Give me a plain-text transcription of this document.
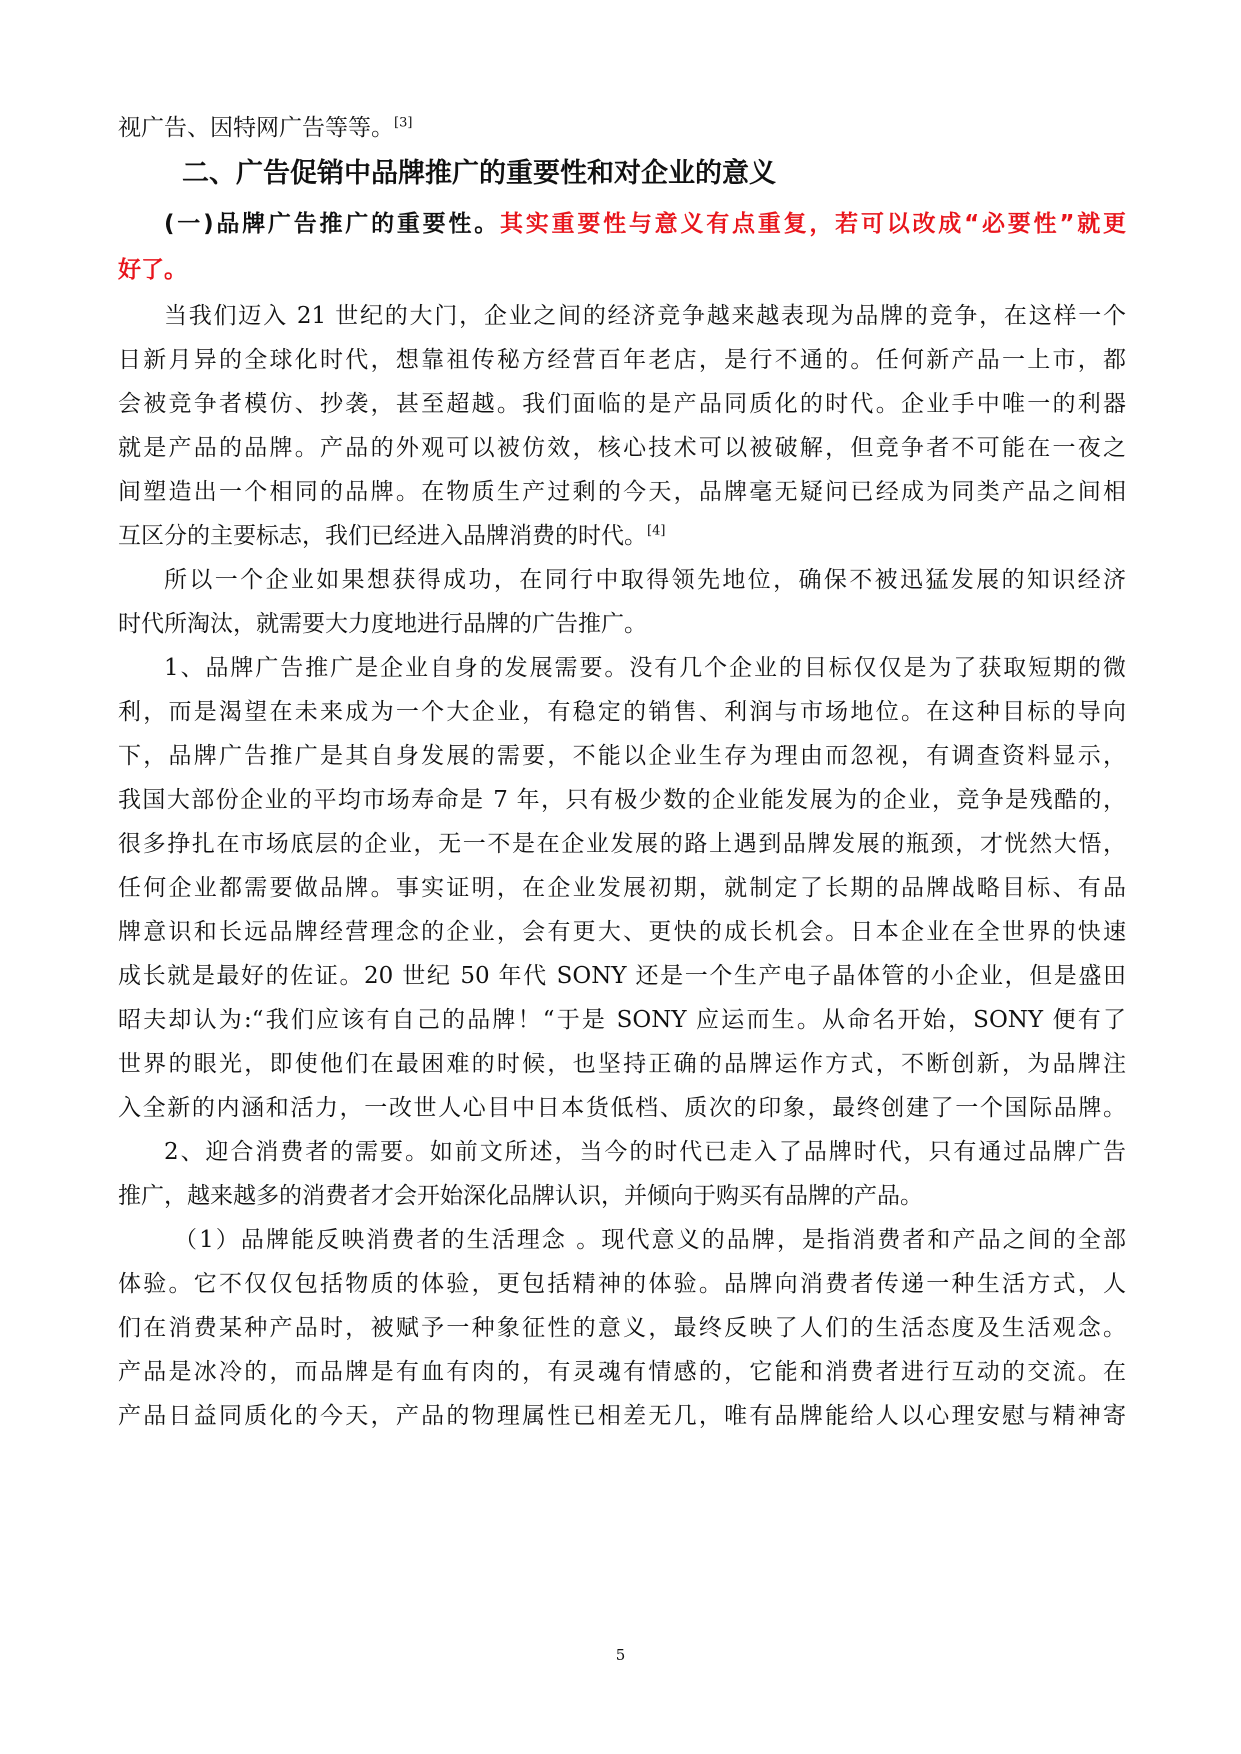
视广告、因特网广告等等。[3]
二、广告促销中品牌推广的重要性和对企业的意义
(一)品牌广告推广的重要性。其实重要性与意义有点重复，若可以改成“必要性”就更
好了。
当我们迈入 21 世纪的大门，企业之间的经济竞争越来越表现为品牌的竞争，在这样一个
日新月异的全球化时代，想靠祖传秘方经营百年老店，是行不通的。任何新产品一上市，都
会被竞争者模仿、抄袭，甚至超越。我们面临的是产品同质化的时代。企业手中唯一的利器
就是产品的品牌。产品的外观可以被仿效，核心技术可以被破解，但竞争者不可能在一夜之
间塑造出一个相同的品牌。在物质生产过剩的今天，品牌毫无疑问已经成为同类产品之间相
互区分的主要标志，我们已经进入品牌消费的时代。[4]
所以一个企业如果想获得成功，在同行中取得领先地位，确保不被迅猛发展的知识经济
时代所淘汰，就需要大力度地进行品牌的广告推广。
1、品牌广告推广是企业自身的发展需要。没有几个企业的目标仅仅是为了获取短期的微
利，而是渴望在未来成为一个大企业，有稳定的销售、利润与市场地位。在这种目标的导向
下，品牌广告推广是其自身发展的需要，不能以企业生存为理由而忽视，有调查资料显示，
我国大部份企业的平均市场寿命是 7 年，只有极少数的企业能发展为的企业，竞争是残酷的，
很多挣扎在市场底层的企业，无一不是在企业发展的路上遇到品牌发展的瓶颈，才恍然大悟，
任何企业都需要做品牌。事实证明，在企业发展初期，就制定了长期的品牌战略目标、有品
牌意识和长远品牌经营理念的企业，会有更大、更快的成长机会。日本企业在全世界的快速
成长就是最好的佐证。20 世纪 50 年代 SONY 还是一个生产电子晶体管的小企业，但是盛田
昭夫却认为:“我们应该有自己的品牌！“于是 SONY 应运而生。从命名开始，SONY 便有了
世界的眼光，即使他们在最困难的时候，也坚持正确的品牌运作方式，不断创新，为品牌注
入全新的内涵和活力，一改世人心目中日本货低档、质次的印象，最终创建了一个国际品牌。
2、迎合消费者的需要。如前文所述，当今的时代已走入了品牌时代，只有通过品牌广告
推广，越来越多的消费者才会开始深化品牌认识，并倾向于购买有品牌的产品。
（1）品牌能反映消费者的生活理念 。现代意义的品牌，是指消费者和产品之间的全部
体验。它不仅仅包括物质的体验，更包括精神的体验。品牌向消费者传递一种生活方式，人
们在消费某种产品时，被赋予一种象征性的意义，最终反映了人们的生活态度及生活观念。
产品是冰冷的，而品牌是有血有肉的，有灵魂有情感的，它能和消费者进行互动的交流。在
产品日益同质化的今天，产品的物理属性已相差无几，唯有品牌能给人以心理安慰与精神寄
5
